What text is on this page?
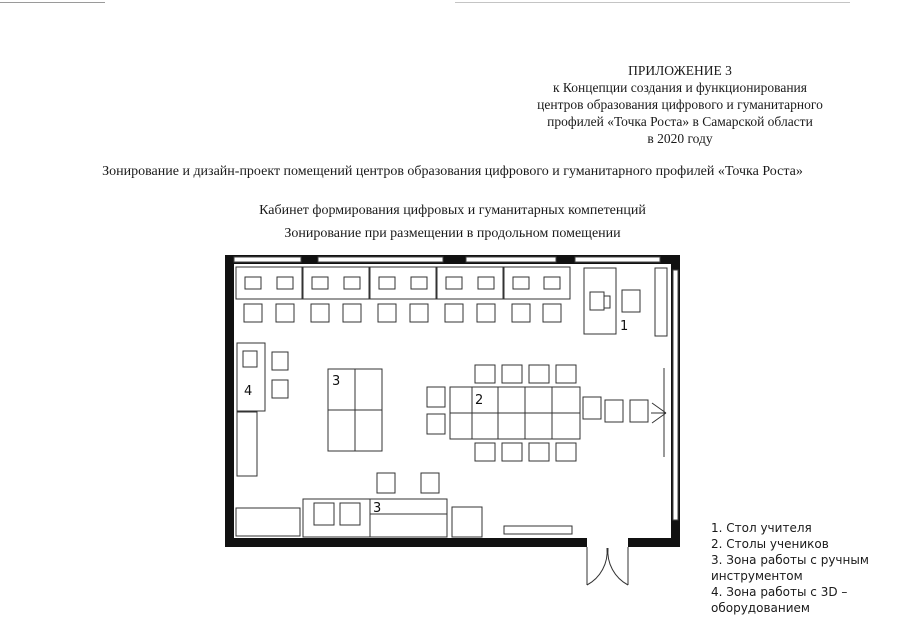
ПРИЛОЖЕНИЕ 3
к Концепции создания и функционирования
центров образования цифрового и гуманитарного
профилей «Точка Роста» в Самарской области
в 2020 году
Зонирование и дизайн-проект помещений центров образования цифрового и гуманитарного профилей «Точка Роста»
Кабинет формирования цифровых и гуманитарных компетенций
Зонирование при размещении в продольном помещении
1
2
3
4
3
1. Стол учителя
2. Столы учеников
3. Зона работы с ручным
инструментом
4. Зона работы с 3D –
оборудованием
